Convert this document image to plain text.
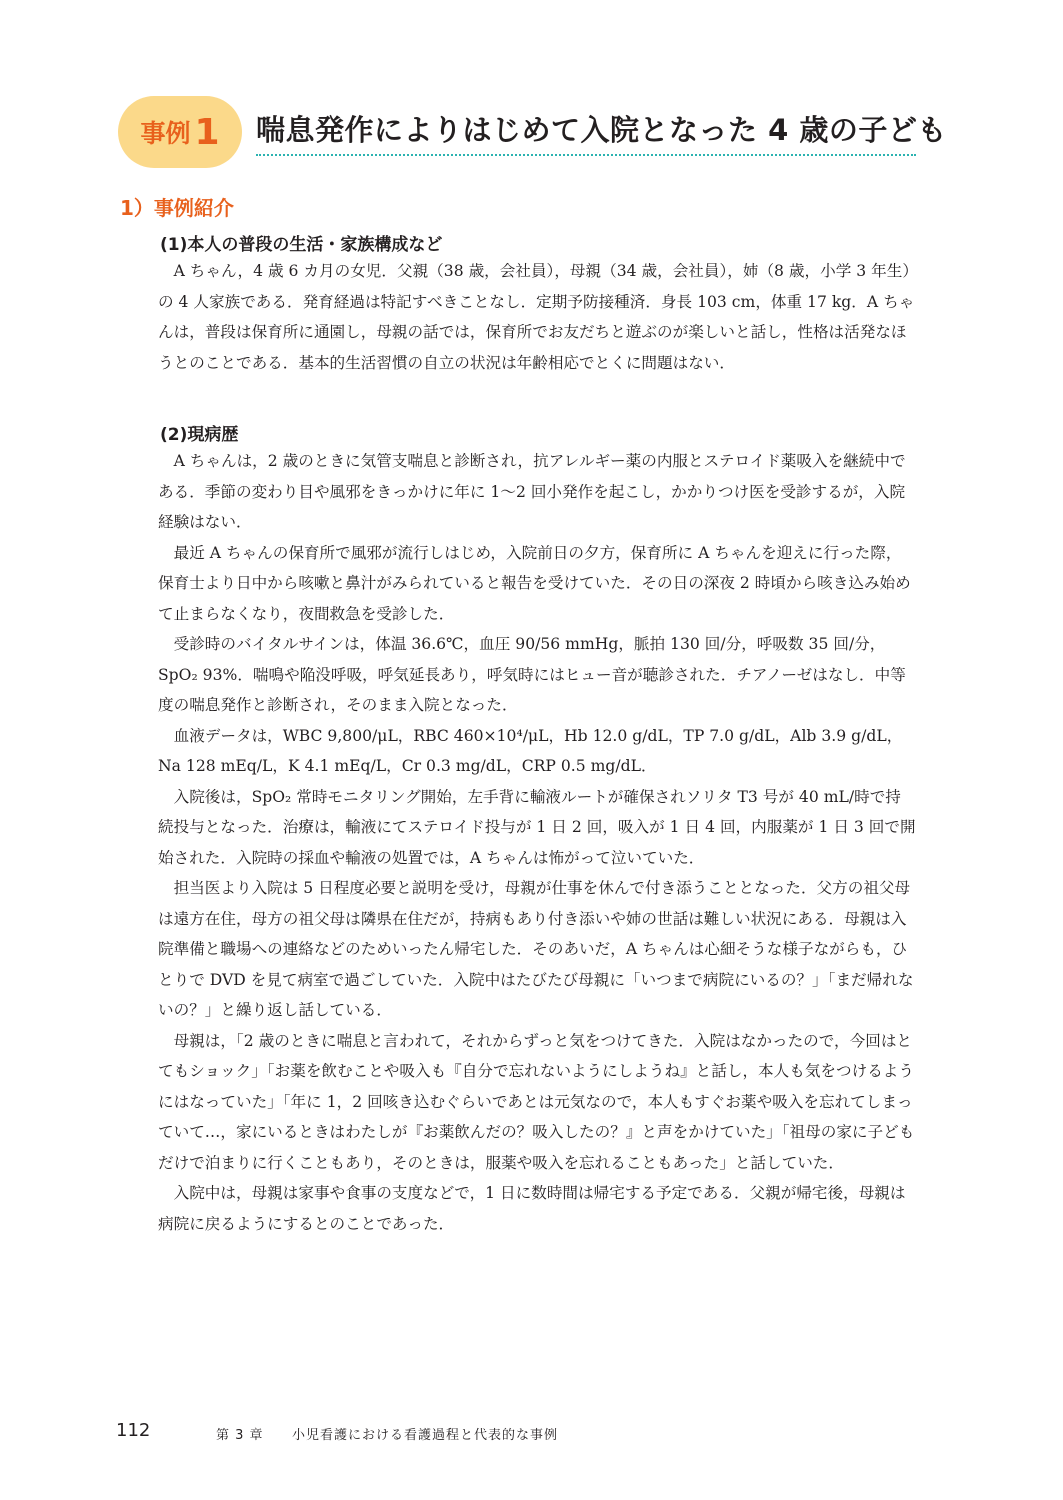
事例 1 喘息発作によりはじめて入院となった 4 歳の子ども
1）事例紹介
(1)本人の普段の生活・家族構成など

A ちゃん，4 歳 6 カ月の女児．父親（38 歳，会社員），母親（34 歳，会社員），姉（8 歳，小学 3 年生）の 4 人家族である．発育経過は特記すべきことなし．定期予防接種済．身長 103 cm，体重 17 kg．A ちゃんは，普段は保育所に通園し，母親の話では，保育所でお友だちと遊ぶのが楽しいと話し，性格は活発なほうとのことである．基本的生活習慣の自立の状況は年齢相応でとくに問題はない．

(2)現病歴

A ちゃんは，2 歳のときに気管支喘息と診断され，抗アレルギー薬の内服とステロイド薬吸入を継続中である．季節の変わり目や風邪をきっかけに年に 1〜2 回小発作を起こし，かかりつけ医を受診するが，入院経験はない．

最近 A ちゃんの保育所で風邪が流行しはじめ，入院前日の夕方，保育所に A ちゃんを迎えに行った際，保育士より日中から咳嗽と鼻汁がみられていると報告を受けていた．その日の深夜 2 時頃から咳き込み始めて止まらなくなり，夜間救急を受診した．

受診時のバイタルサインは，体温 36.6℃，血圧 90/56 mmHg，脈拍 130 回/分，呼吸数 35 回/分，SpO₂ 93%．喘鳴や陥没呼吸，呼気延長あり，呼気時にはヒュー音が聴診された．チアノーゼはなし．中等度の喘息発作と診断され，そのまま入院となった．

血液データは，WBC 9,800/μL，RBC 460×10⁴/μL，Hb 12.0 g/dL，TP 7.0 g/dL，Alb 3.9 g/dL，Na 128 mEq/L，K 4.1 mEq/L，Cr 0.3 mg/dL，CRP 0.5 mg/dL．

入院後は，SpO₂ 常時モニタリング開始，左手背に輸液ルートが確保されソリタ T3 号が 40 mL/時で持続投与となった．治療は，輸液にてステロイド投与が 1 日 2 回，吸入が 1 日 4 回，内服薬が 1 日 3 回で開始された．入院時の採血や輸液の処置では，A ちゃんは怖がって泣いていた．

担当医より入院は 5 日程度必要と説明を受け，母親が仕事を休んで付き添うこととなった．父方の祖父母は遠方在住，母方の祖父母は隣県在住だが，持病もあり付き添いや姉の世話は難しい状況にある．母親は入院準備と職場への連絡などのためいったん帰宅した．そのあいだ，A ちゃんは心細そうな様子ながらも，ひとりで DVD を見て病室で過ごしていた．入院中はたびたび母親に「いつまで病院にいるの？」「まだ帰れないの？」と繰り返し話している．

母親は，「2 歳のときに喘息と言われて，それからずっと気をつけてきた．入院はなかったので，今回はとてもショック」「お薬を飲むことや吸入も『自分で忘れないようにしようね』と話し，本人も気をつけるようにはなっていた」「年に 1，2 回咳き込むぐらいであとは元気なので，本人もすぐお薬や吸入を忘れてしまっていて…，家にいるときはわたしが『お薬飲んだの？吸入したの？』と声をかけていた」「祖母の家に子どもだけで泊まりに行くこともあり，そのときは，服薬や吸入を忘れることもあった」と話していた．

入院中は，母親は家事や食事の支度などで，1 日に数時間は帰宅する予定である．父親が帰宅後，母親は病院に戻るようにするとのことであった．

112	第 3 章 小児看護における看護過程と代表的な事例
